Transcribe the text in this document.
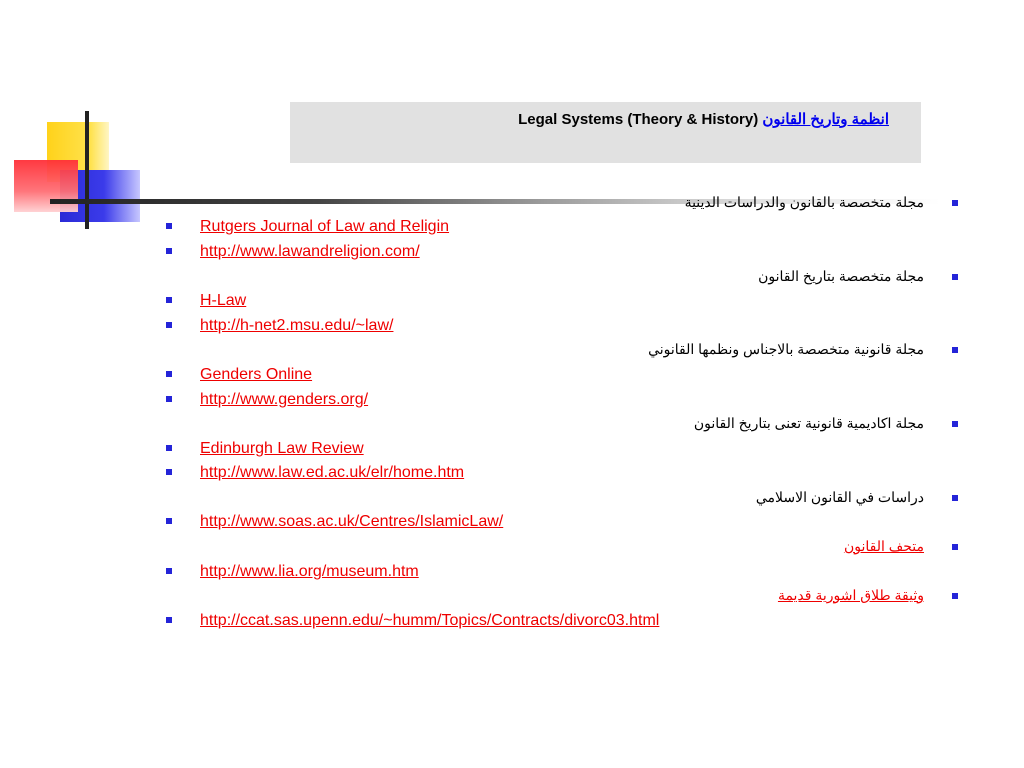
Legal Systems (Theory & History) انظمة وتاريخ القانون
مجلة متخصصة بالقانون والدراسات الدينية
Rutgers Journal of Law and Religin
http://www.lawandreligion.com/
مجلة متخصصة بتاريخ القانون
H-Law
http://h-net2.msu.edu/~law/
مجلة قانونية متخصصة بالاجناس ونظمها القانوني
Genders Online
http://www.genders.org/
مجلة اكاديمية قانونية تعنى بتاريخ القانون
Edinburgh Law Review
http://www.law.ed.ac.uk/elr/home.htm
دراسات في القانون الاسلامي
http://www.soas.ac.uk/Centres/IslamicLaw/
متحف القانون
http://www.lia.org/museum.htm
وثيقة طلاق اشورية قديمة
http://ccat.sas.upenn.edu/~humm/Topics/Contracts/divorc03.html
